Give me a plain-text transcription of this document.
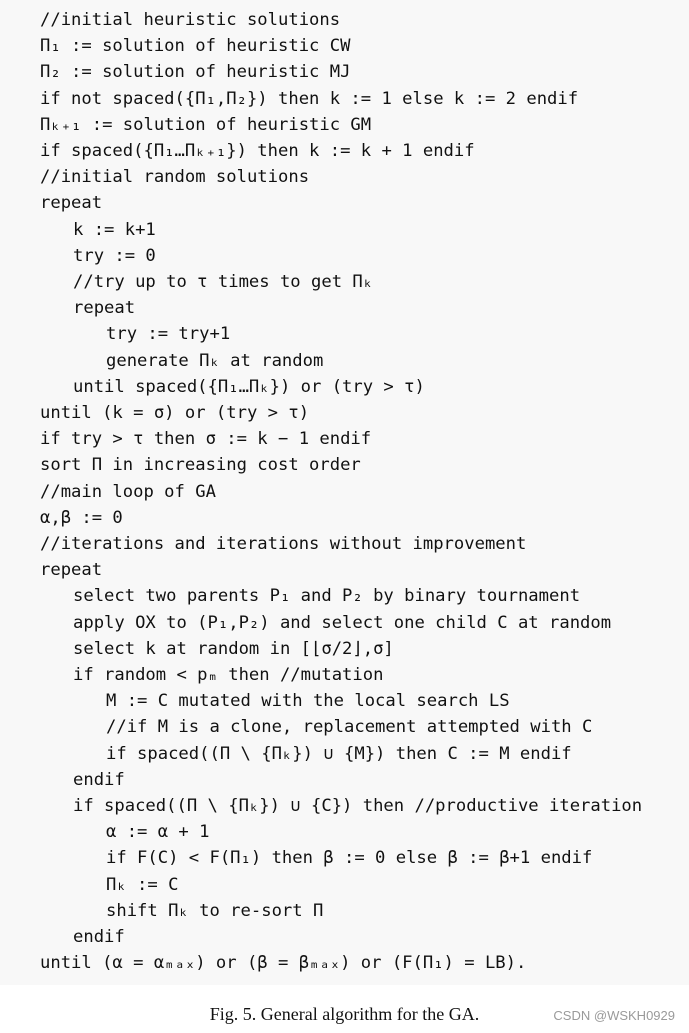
//initial heuristic solutions
Π₁ := solution of heuristic CW
Π₂ := solution of heuristic MJ
if not spaced({Π₁,Π₂}) then k := 1 else k := 2 endif
Πₖ₊₁ := solution of heuristic GM
if spaced({Π₁…Πₖ₊₁}) then k := k + 1 endif
//initial random solutions
repeat
k := k+1
try := 0
//try up to τ times to get Πₖ
repeat
try := try+1
generate Πₖ at random
until spaced({Π₁…Πₖ}) or (try > τ)
until (k = σ) or (try > τ)
if try > τ then σ := k − 1 endif
sort Π in increasing cost order
//main loop of GA
α,β := 0
//iterations and iterations without improvement
repeat
select two parents P₁ and P₂ by binary tournament
apply OX to (P₁,P₂) and select one child C at random
select k at random in [⌊σ/2⌋,σ]
if random < pₘ then //mutation
M := C mutated with the local search LS
//if M is a clone, replacement attempted with C
if spaced((Π \ {Πₖ}) ∪ {M}) then C := M endif
endif
if spaced((Π \ {Πₖ}) ∪ {C}) then //productive iteration
α := α + 1
if F(C) < F(Π₁) then β := 0 else β := β+1 endif
Πₖ := C
shift Πₖ to re-sort Π
endif
until (α = αₘₐₓ) or (β = βₘₐₓ) or (F(Π₁) = LB).
Fig. 5. General algorithm for the GA.	CSDN @WSKH0929
